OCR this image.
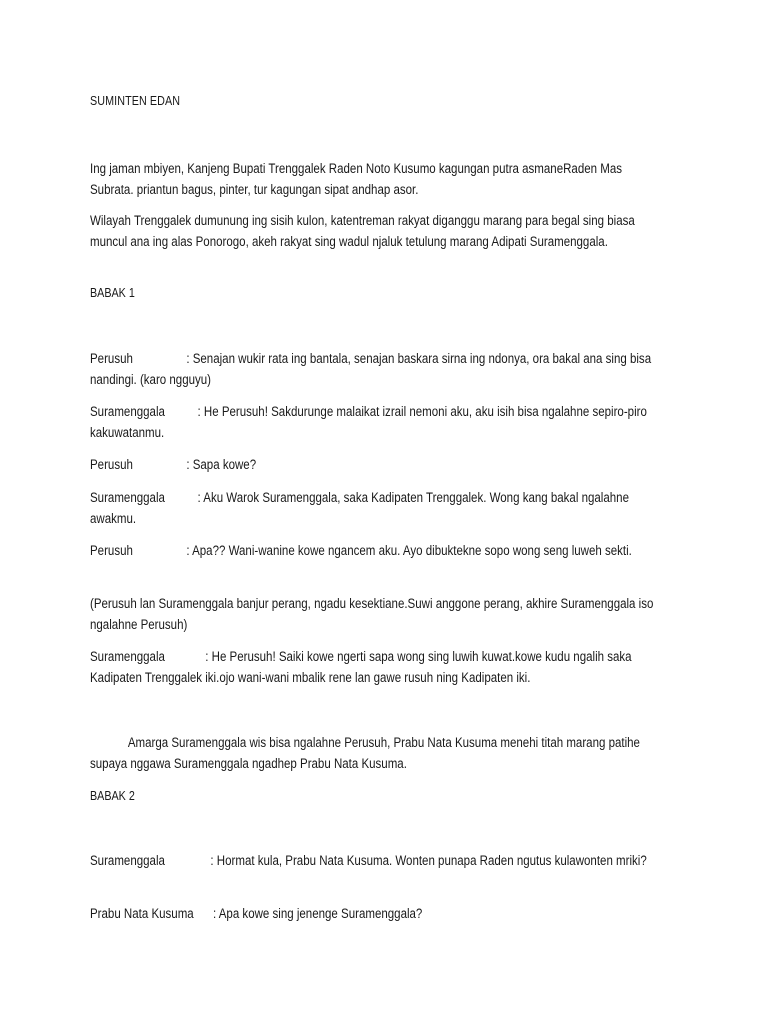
SUMINTEN EDAN
Ing jaman mbiyen, Kanjeng Bupati Trenggalek Raden Noto Kusumo kagungan putra asmaneRaden Mas Subrata. priantun bagus, pinter, tur kagungan sipat andhap asor.
Wilayah Trenggalek dumunung ing sisih kulon, katentreman rakyat diganggu marang para begal sing biasa muncul ana ing alas Ponorogo, akeh rakyat sing wadul njaluk tetulung marang Adipati Suramenggala.
BABAK 1
Perusuh	: Senajan wukir rata ing bantala, senajan baskara sirna ing ndonya, ora bakal ana sing bisa nandingi. (karo ngguyu)
Suramenggala : He Perusuh! Sakdurunge malaikat izrail nemoni aku, aku isih bisa ngalahne sepiro-piro kakuwatanmu.
Perusuh	: Sapa kowe?
Suramenggala : Aku Warok Suramenggala, saka Kadipaten Trenggalek. Wong kang bakal ngalahne awakmu.
Perusuh	: Apa?? Wani-wanine kowe ngancem aku. Ayo dibuktekne sopo wong seng luweh sekti.
(Perusuh lan Suramenggala banjur perang, ngadu kesektiane.Suwi anggone perang, akhire Suramenggala iso ngalahne Perusuh)
Suramenggala	: He Perusuh! Saiki kowe ngerti sapa wong sing luwih kuwat.kowe kudu ngalih saka Kadipaten Trenggalek iki.ojo wani-wani mbalik rene lan gawe rusuh ning Kadipaten iki.
Amarga Suramenggala wis bisa ngalahne Perusuh, Prabu Nata Kusuma menehi titah marang patihe supaya nggawa Suramenggala ngadhep Prabu Nata Kusuma.
BABAK 2
Suramenggala	: Hormat kula, Prabu Nata Kusuma. Wonten punapa Raden ngutus kulawonten mriki?
Prabu Nata Kusuma : Apa kowe sing jenenge Suramenggala?
